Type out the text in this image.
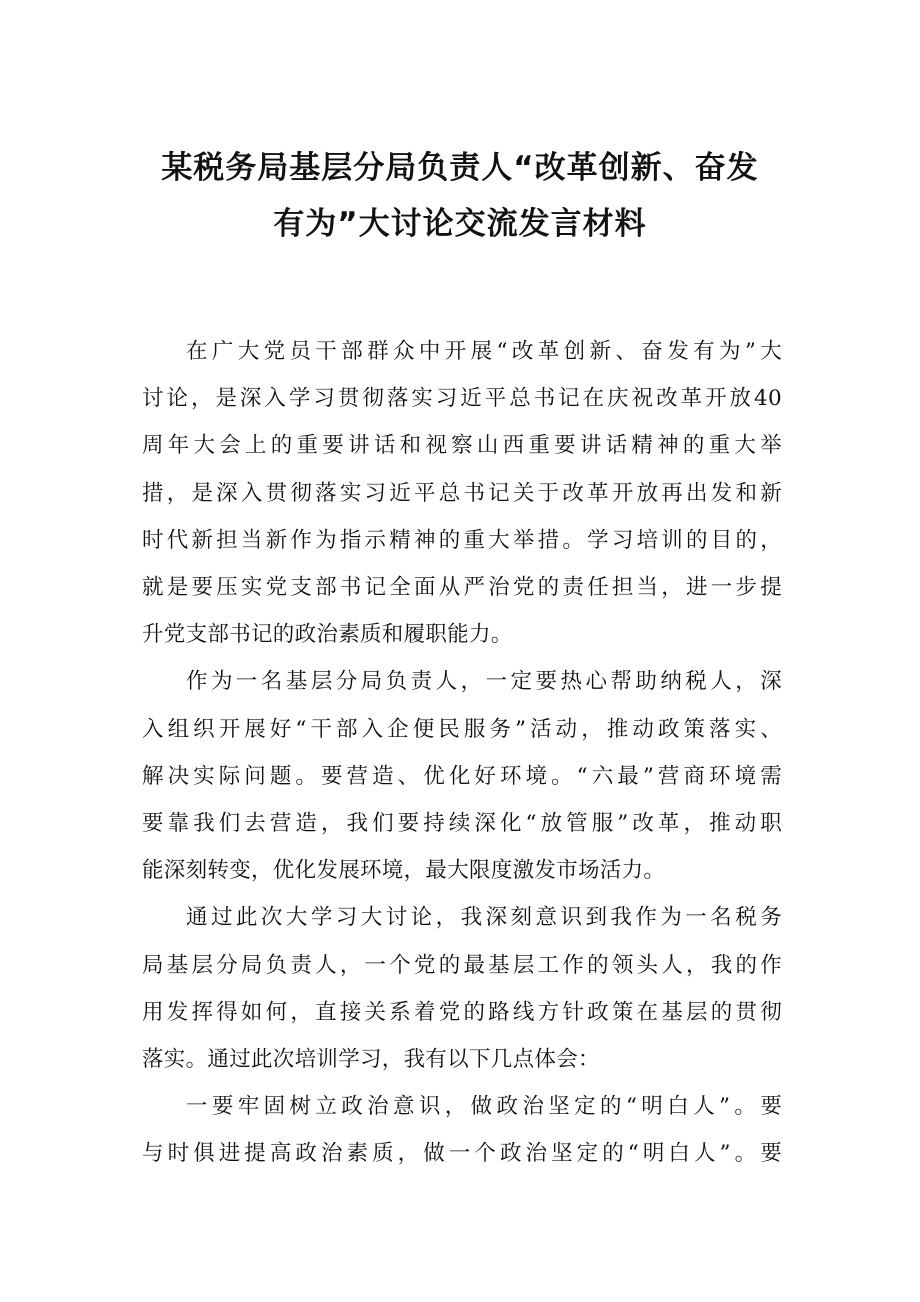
某税务局基层分局负责人“改革创新、奋发
有为”大讨论交流发言材料

在广大党员干部群众中开展“改革创新、奋发有为”大
讨论，是深入学习贯彻落实习近平总书记在庆祝改革开放40
周年大会上的重要讲话和视察山西重要讲话精神的重大举
措，是深入贯彻落实习近平总书记关于改革开放再出发和新
时代新担当新作为指示精神的重大举措。学习培训的目的，
就是要压实党支部书记全面从严治党的责任担当，进一步提
升党支部书记的政治素质和履职能力。

作为一名基层分局负责人，一定要热心帮助纳税人，深
入组织开展好“干部入企便民服务”活动，推动政策落实、
解决实际问题。要营造、优化好环境。“六最”营商环境需
要靠我们去营造，我们要持续深化“放管服”改革，推动职
能深刻转变，优化发展环境，最大限度激发市场活力。

通过此次大学习大讨论，我深刻意识到我作为一名税务
局基层分局负责人，一个党的最基层工作的领头人，我的作
用发挥得如何，直接关系着党的路线方针政策在基层的贯彻
落实。通过此次培训学习，我有以下几点体会：

一要牢固树立政治意识，做政治坚定的“明白人”。要
与时俱进提高政治素质，做一个政治坚定的“明白人”。要
